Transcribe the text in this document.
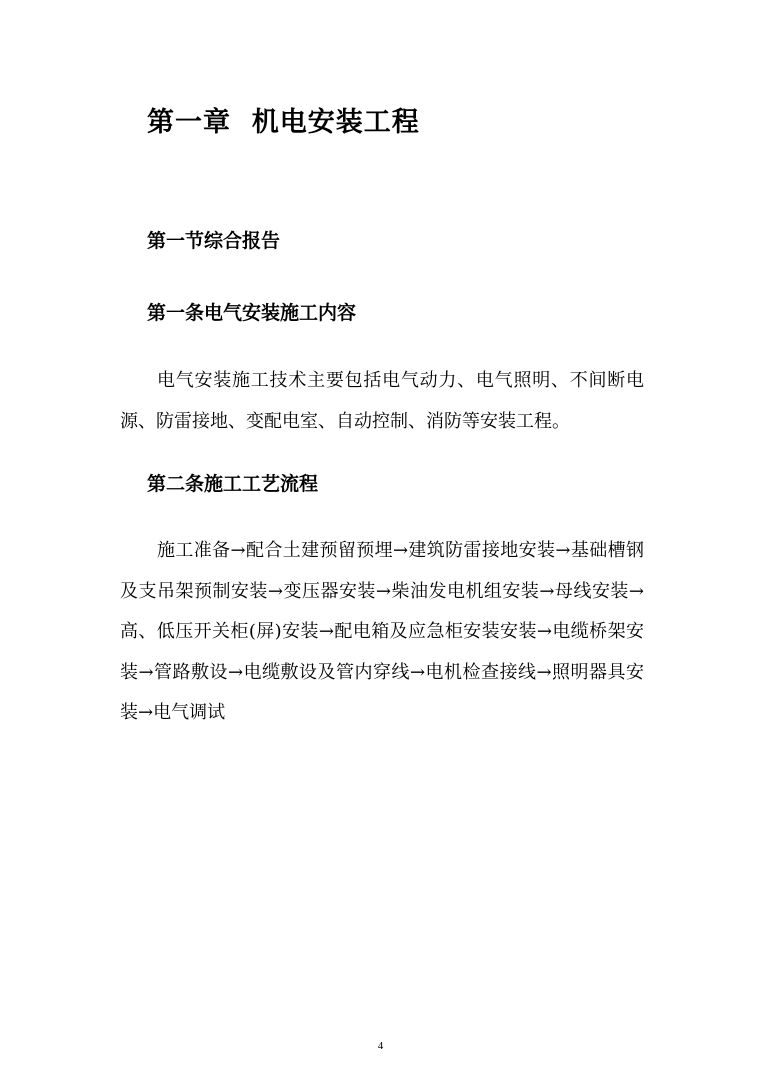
第一章  机电安装工程
第一节综合报告
第一条电气安装施工内容

电气安装施工技术主要包括电气动力、电气照明、不间断电源、防雷接地、变配电室、自动控制、消防等安装工程。

第二条施工工艺流程

施工准备→配合土建预留预埋→建筑防雷接地安装→基础槽钢及支吊架预制安装→变压器安装→柴油发电机组安装→母线安装→高、低压开关柜(屏)安装→配电箱及应急柜安装安装→电缆桥架安装→管路敷设→电缆敷设及管内穿线→电机检查接线→照明器具安装→电气调试

4
